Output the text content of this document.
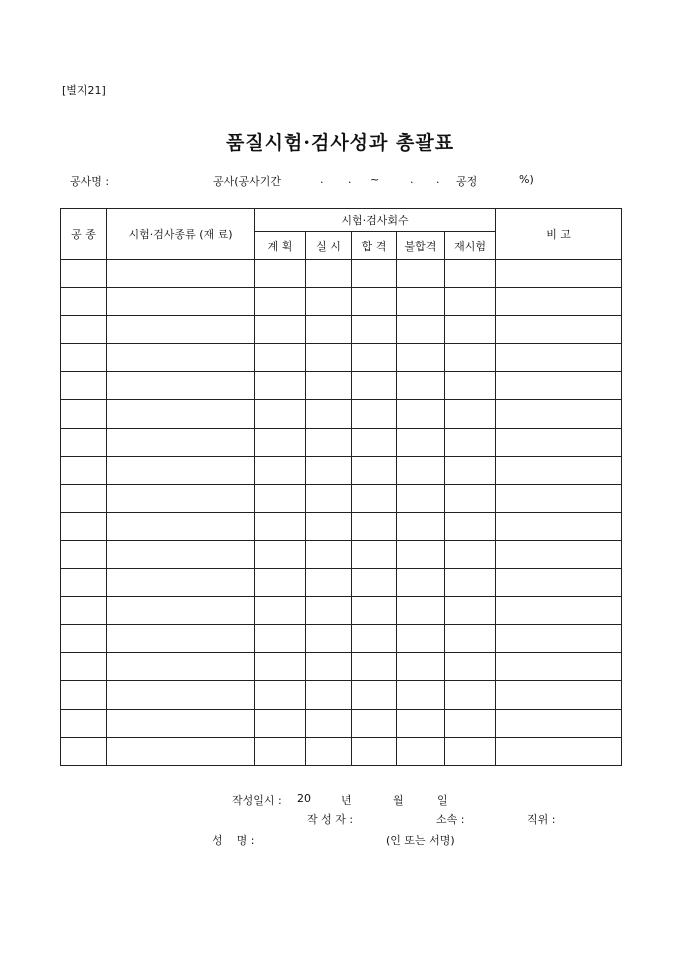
[별지21]
품질시험·검사성과 총괄표
공사명 :	공사(공사기간	. . ~	. . 공정	%)
공 종	시험·검사종류 (재 료)	시험·검사회수					비 고
		계 획	실 시	합 격	불합격	재시험	

작성일시 : 20	년	월	일
작 성 자 :	소속 :	직위 :
성    명 :	(인 또는 서명)
